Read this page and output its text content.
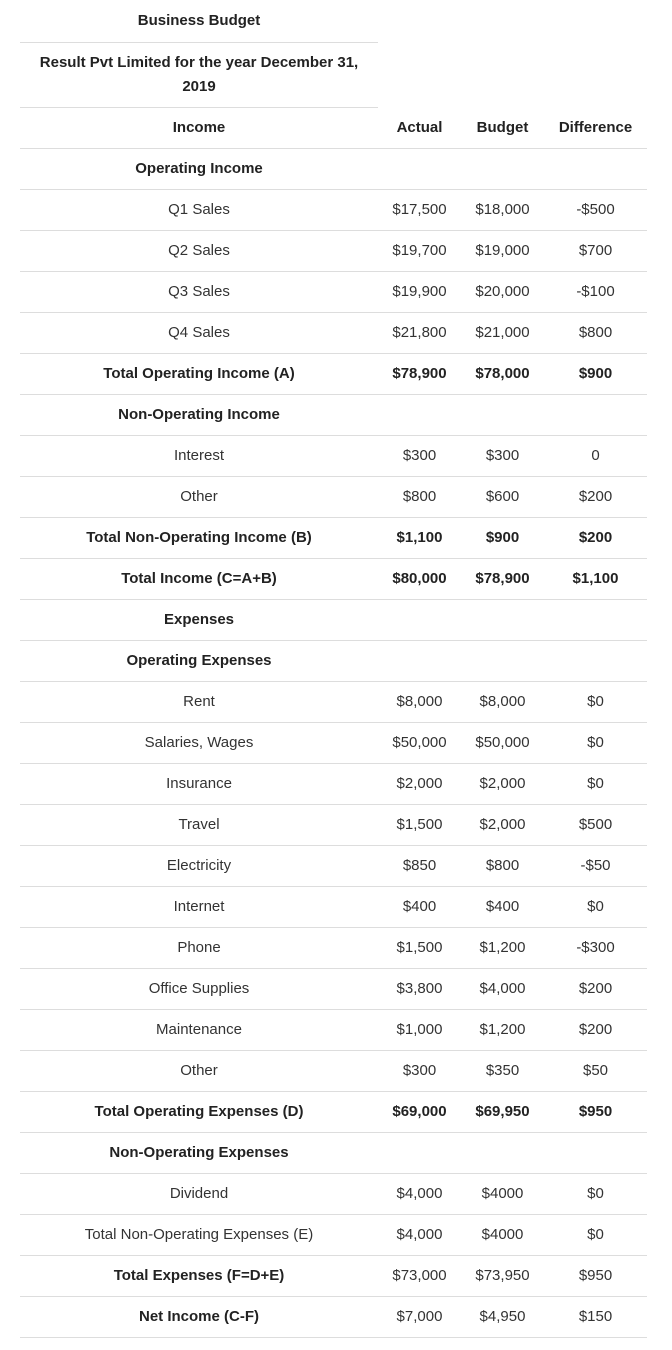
Business Budget			
Result Pvt Limited for the year December 31, 2019			
Income	Actual	Budget	Difference
Operating Income			
Q1 Sales	$17,500	$18,000	-$500
Q2 Sales	$19,700	$19,000	$700
Q3 Sales	$19,900	$20,000	-$100
Q4 Sales	$21,800	$21,000	$800
Total Operating Income (A)	$78,900	$78,000	$900
Non-Operating Income			
Interest	$300	$300	0
Other	$800	$600	$200
Total Non-Operating Income (B)	$1,100	$900	$200
Total Income (C=A+B)	$80,000	$78,900	$1,100
Expenses			
Operating Expenses			
Rent	$8,000	$8,000	$0
Salaries, Wages	$50,000	$50,000	$0
Insurance	$2,000	$2,000	$0
Travel	$1,500	$2,000	$500
Electricity	$850	$800	-$50
Internet	$400	$400	$0
Phone	$1,500	$1,200	-$300
Office Supplies	$3,800	$4,000	$200
Maintenance	$1,000	$1,200	$200
Other	$300	$350	$50
Total Operating Expenses (D)	$69,000	$69,950	$950
Non-Operating Expenses			
Dividend	$4,000	$4000	$0
Total Non-Operating Expenses (E)	$4,000	$4000	$0
Total Expenses (F=D+E)	$73,000	$73,950	$950
Net Income (C-F)	$7,000	$4,950	$150
